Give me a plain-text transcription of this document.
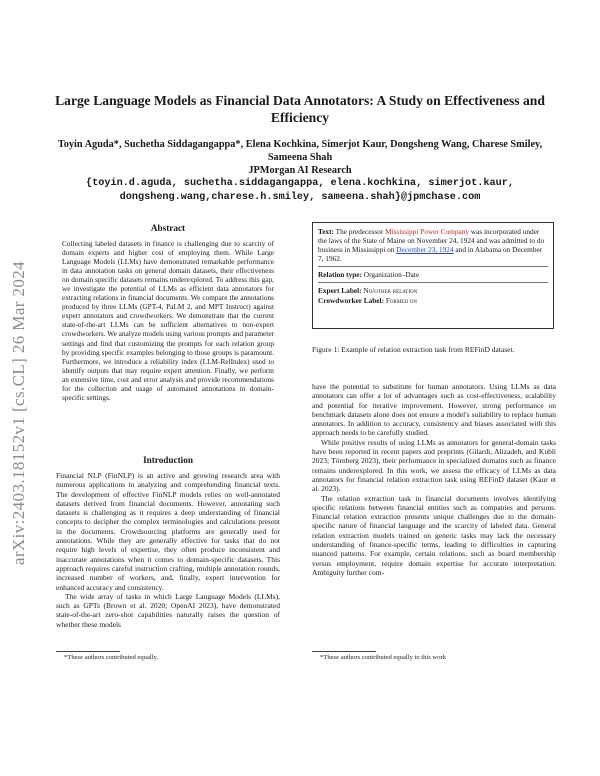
arXiv:2403.18152v1 [cs.CL] 26 Mar 2024
Large Language Models as Financial Data Annotators: A Study on Effectiveness and Efficiency
Toyin Aguda*, Suchetha Siddagangappa*, Elena Kochkina, Simerjot Kaur, Dongsheng Wang, Charese Smiley, Sameena Shah
JPMorgan AI Research
{toyin.d.aguda, suchetha.siddagangappa, elena.kochkina, simerjot.kaur,
dongsheng.wang,charese.h.smiley, sameena.shah}@jpmchase.com
Abstract
Collecting labeled datasets in finance is challenging due to scarcity of domain experts and higher cost of employing them. While Large Language Models (LLMs) have demonstrated remarkable performance in data annotation tasks on general domain datasets, their effectiveness on domain specific datasets remains underexplored. To address this gap, we investigate the potential of LLMs as efficient data annotators for extracting relations in financial documents. We compare the annotations produced by three LLMs (GPT-4, PaLM 2, and MPT Instruct) against expert annotators and crowdworkers. We demonstrate that the current state-of-the-art LLMs can be sufficient alternatives to non-expert crowdworkers. We analyze models using various prompts and parameter settings and find that customizing the prompts for each relation group by providing specific examples belonging to those groups is paramount. Furthermore, we introduce a reliability index (LLM-RelIndex) used to identify outputs that may require expert attention. Finally, we perform an extensive time, cost and error analysis and provide recommendations for the collection and usage of automated annotations in domain-specific settings.
Introduction

Financial NLP (FinNLP) is an active and growing research area with numerous applications in analyzing and comprehending financial texts. The development of effective FinNLP models relies on well-annotated datasets derived from financial documents. However, annotating such datasets is challenging as it requires a deep understanding of financial concepts to decipher the complex terminologies and calculations present in the documents. Crowdsourcing platforms are generally used for annotations. While they are generally effective for tasks that do not require high levels of expertise, they often produce inconsistent and inaccurate annotations when it comes to domain-specific datasets. This approach requires careful instruction crafting, multiple annotation rounds, increased number of workers, and, finally, expert intervention for enhanced accuracy and consistency.

The wide array of tasks in which Large Language Models (LLMs), such as GPTs (Brown et al. 2020; OpenAI 2023), have demonstrated state-of-the-art zero-shot capabilities naturally raises the question of whether these models

*These authors contributed equally.
Text: The predecessor Mississippi Power Company was incorporated under the laws of the State of Maine on November 24, 1924 and was admitted to do business in Mississippi on December 23, 1924 and in Alabama on December 7, 1962.
Relation type: Organization–Date
Expert Label: No/other relation
Crowdworker Label: Formed on
Figure 1: Example of relation extraction task from REFinD dataset.

have the potential to substitute for human annotators. Using LLMs as data annotators can offer a lot of advantages such as cost-effectiveness, scalability and potential for iterative improvement. However, strong performance on benchmark datasets alone does not ensure a model's suitability to replace human annotators. In addition to accuracy, consistency and biases associated with this approach needs to be carefully studied.

While positive results of using LLMs as annotators for general-domain tasks have been reported in recent papers and preprints (Gilardi, Alizadeh, and Kubli 2023; Törnberg 2023), their performance in specialized domains such as finance remains underexplored. In this work, we assess the efficacy of LLMs as data annotators for financial relation extraction task using REFinD dataset (Kaur et al. 2023).

The relation extraction task in financial documents involves identifying specific relations between financial entities such as companies and persons. Financial relation extraction presents unique challenges due to the domain-specific nature of financial language and the scarcity of labeled data. General relation extraction models trained on generic tasks may lack the necessary understanding of finance-specific terms, leading to difficulties in capturing nuanced patterns. For example, certain relations, such as board membership versus employment, require domain expertise for accurate interpretation. Ambiguity further com-

*These authors contributed equally to this work
